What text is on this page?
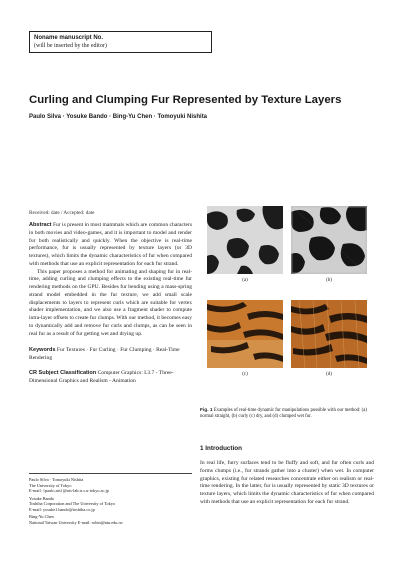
Noname manuscript No.
(will be inserted by the editor)
Curling and Clumping Fur Represented by Texture Layers
Paulo Silva · Yosuke Bando · Bing-Yu Chen · Tomoyuki Nishita
Received: date / Accepted: date

Abstract Fur is present in most mammals which are common characters in both movies and video-games, and it is important to model and render fur both realistically and quickly. When the objective is real-time performance, fur is usually represented by texture layers (or 3D textures), which limits the dynamic characteristics of fur when compared with methods that use an explicit representation for each fur strand.

This paper proposes a method for animating and shaping fur in real-time, adding curling and clumping effects to the existing real-time fur rendering methods on the GPU. Besides fur bending using a mass-spring strand model embedded in the fur texture, we add small scale displacements to layers to represent curls which are suitable for vertex shader implementation, and we also use a fragment shader to compute intra-layer offsets to create fur clumps. With our method, it becomes easy to dynamically add and remove fur curls and clumps, as can be seen in real fur as a result of fur getting wet and drying up.

Keywords Fur Textures · Fur Curling · Fur Clumping · Real-Time Rendering
CR Subject Classification Computer Graphics: I.3.7 - Three-Dimensional Graphics and Realism - Animation

Paulo Silva · Tomoyuki Nishita
The University of Tokyo
E-mail: {paulo,nis}@nis-lab.is.s.u-tokyo.ac.jp

Yosuke Bando
Toshiba Corporation and The University of Tokyo
E-mail: yosuke1.bando@toshiba.co.jp

Bing-Yu Chen
National Taiwan University E-mail: robin@ntu.edu.tw

(a)	(b)
(c)	(d)
Fig. 1 Examples of real-time dynamic fur manipulations possible with our method: (a) normal straight, (b) curly (c) dry, and (d) clumped wet fur.
1 Introduction

In real life, furry surfaces tend to be fluffy and soft, and fur often curls and forms clumps (i.e., fur strands gather into a cluster) when wet. In computer graphics, existing fur related researches concentrate either on realism or real-time rendering. In the latter, fur is usually represented by static 3D textures or texture layers, which limits the dynamic characteristics of fur when compared with methods that use an explicit representation for each fur strand.
